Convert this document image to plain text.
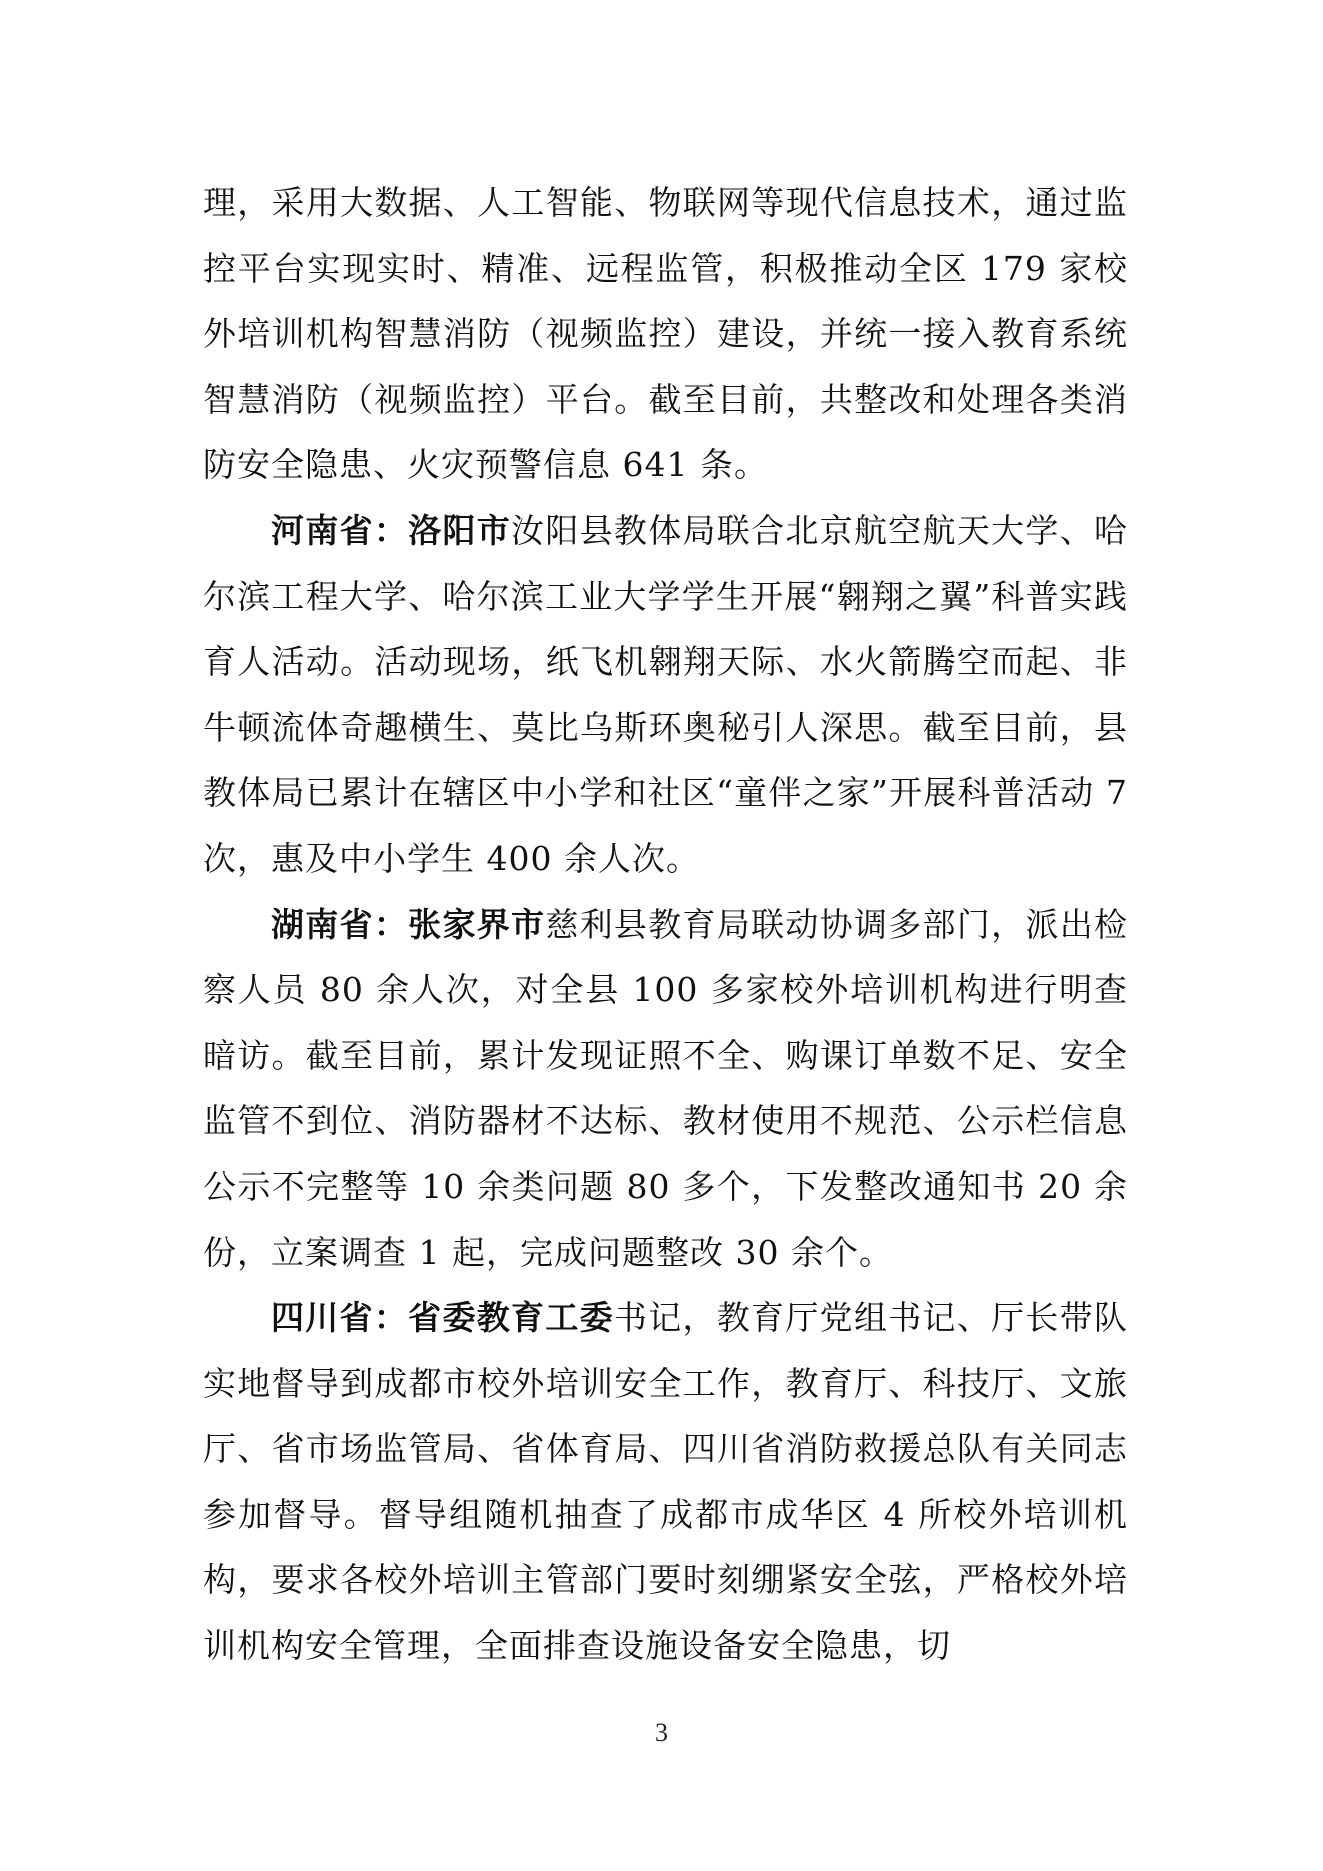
理，采用大数据、人工智能、物联网等现代信息技术，通过监控平台实现实时、精准、远程监管，积极推动全区 179 家校外培训机构智慧消防（视频监控）建设，并统一接入教育系统智慧消防（视频监控）平台。截至目前，共整改和处理各类消防安全隐患、火灾预警信息 641 条。

河南省：洛阳市汝阳县教体局联合北京航空航天大学、哈尔滨工程大学、哈尔滨工业大学学生开展“翱翔之翼”科普实践育人活动。活动现场，纸飞机翱翔天际、水火箭腾空而起、非牛顿流体奇趣横生、莫比乌斯环奥秘引人深思。截至目前，县教体局已累计在辖区中小学和社区“童伴之家”开展科普活动 7 次，惠及中小学生 400 余人次。

湖南省：张家界市慈利县教育局联动协调多部门，派出检察人员 80 余人次，对全县 100 多家校外培训机构进行明查暗访。截至目前，累计发现证照不全、购课订单数不足、安全监管不到位、消防器材不达标、教材使用不规范、公示栏信息公示不完整等 10 余类问题 80 多个，下发整改通知书 20 余份，立案调查 1 起，完成问题整改 30 余个。

四川省：省委教育工委书记，教育厅党组书记、厅长带队实地督导到成都市校外培训安全工作，教育厅、科技厅、文旅厅、省市场监管局、省体育局、四川省消防救援总队有关同志参加督导。督导组随机抽查了成都市成华区 4 所校外培训机构，要求各校外培训主管部门要时刻绷紧安全弦，严格校外培训机构安全管理，全面排查设施设备安全隐患，切

3
